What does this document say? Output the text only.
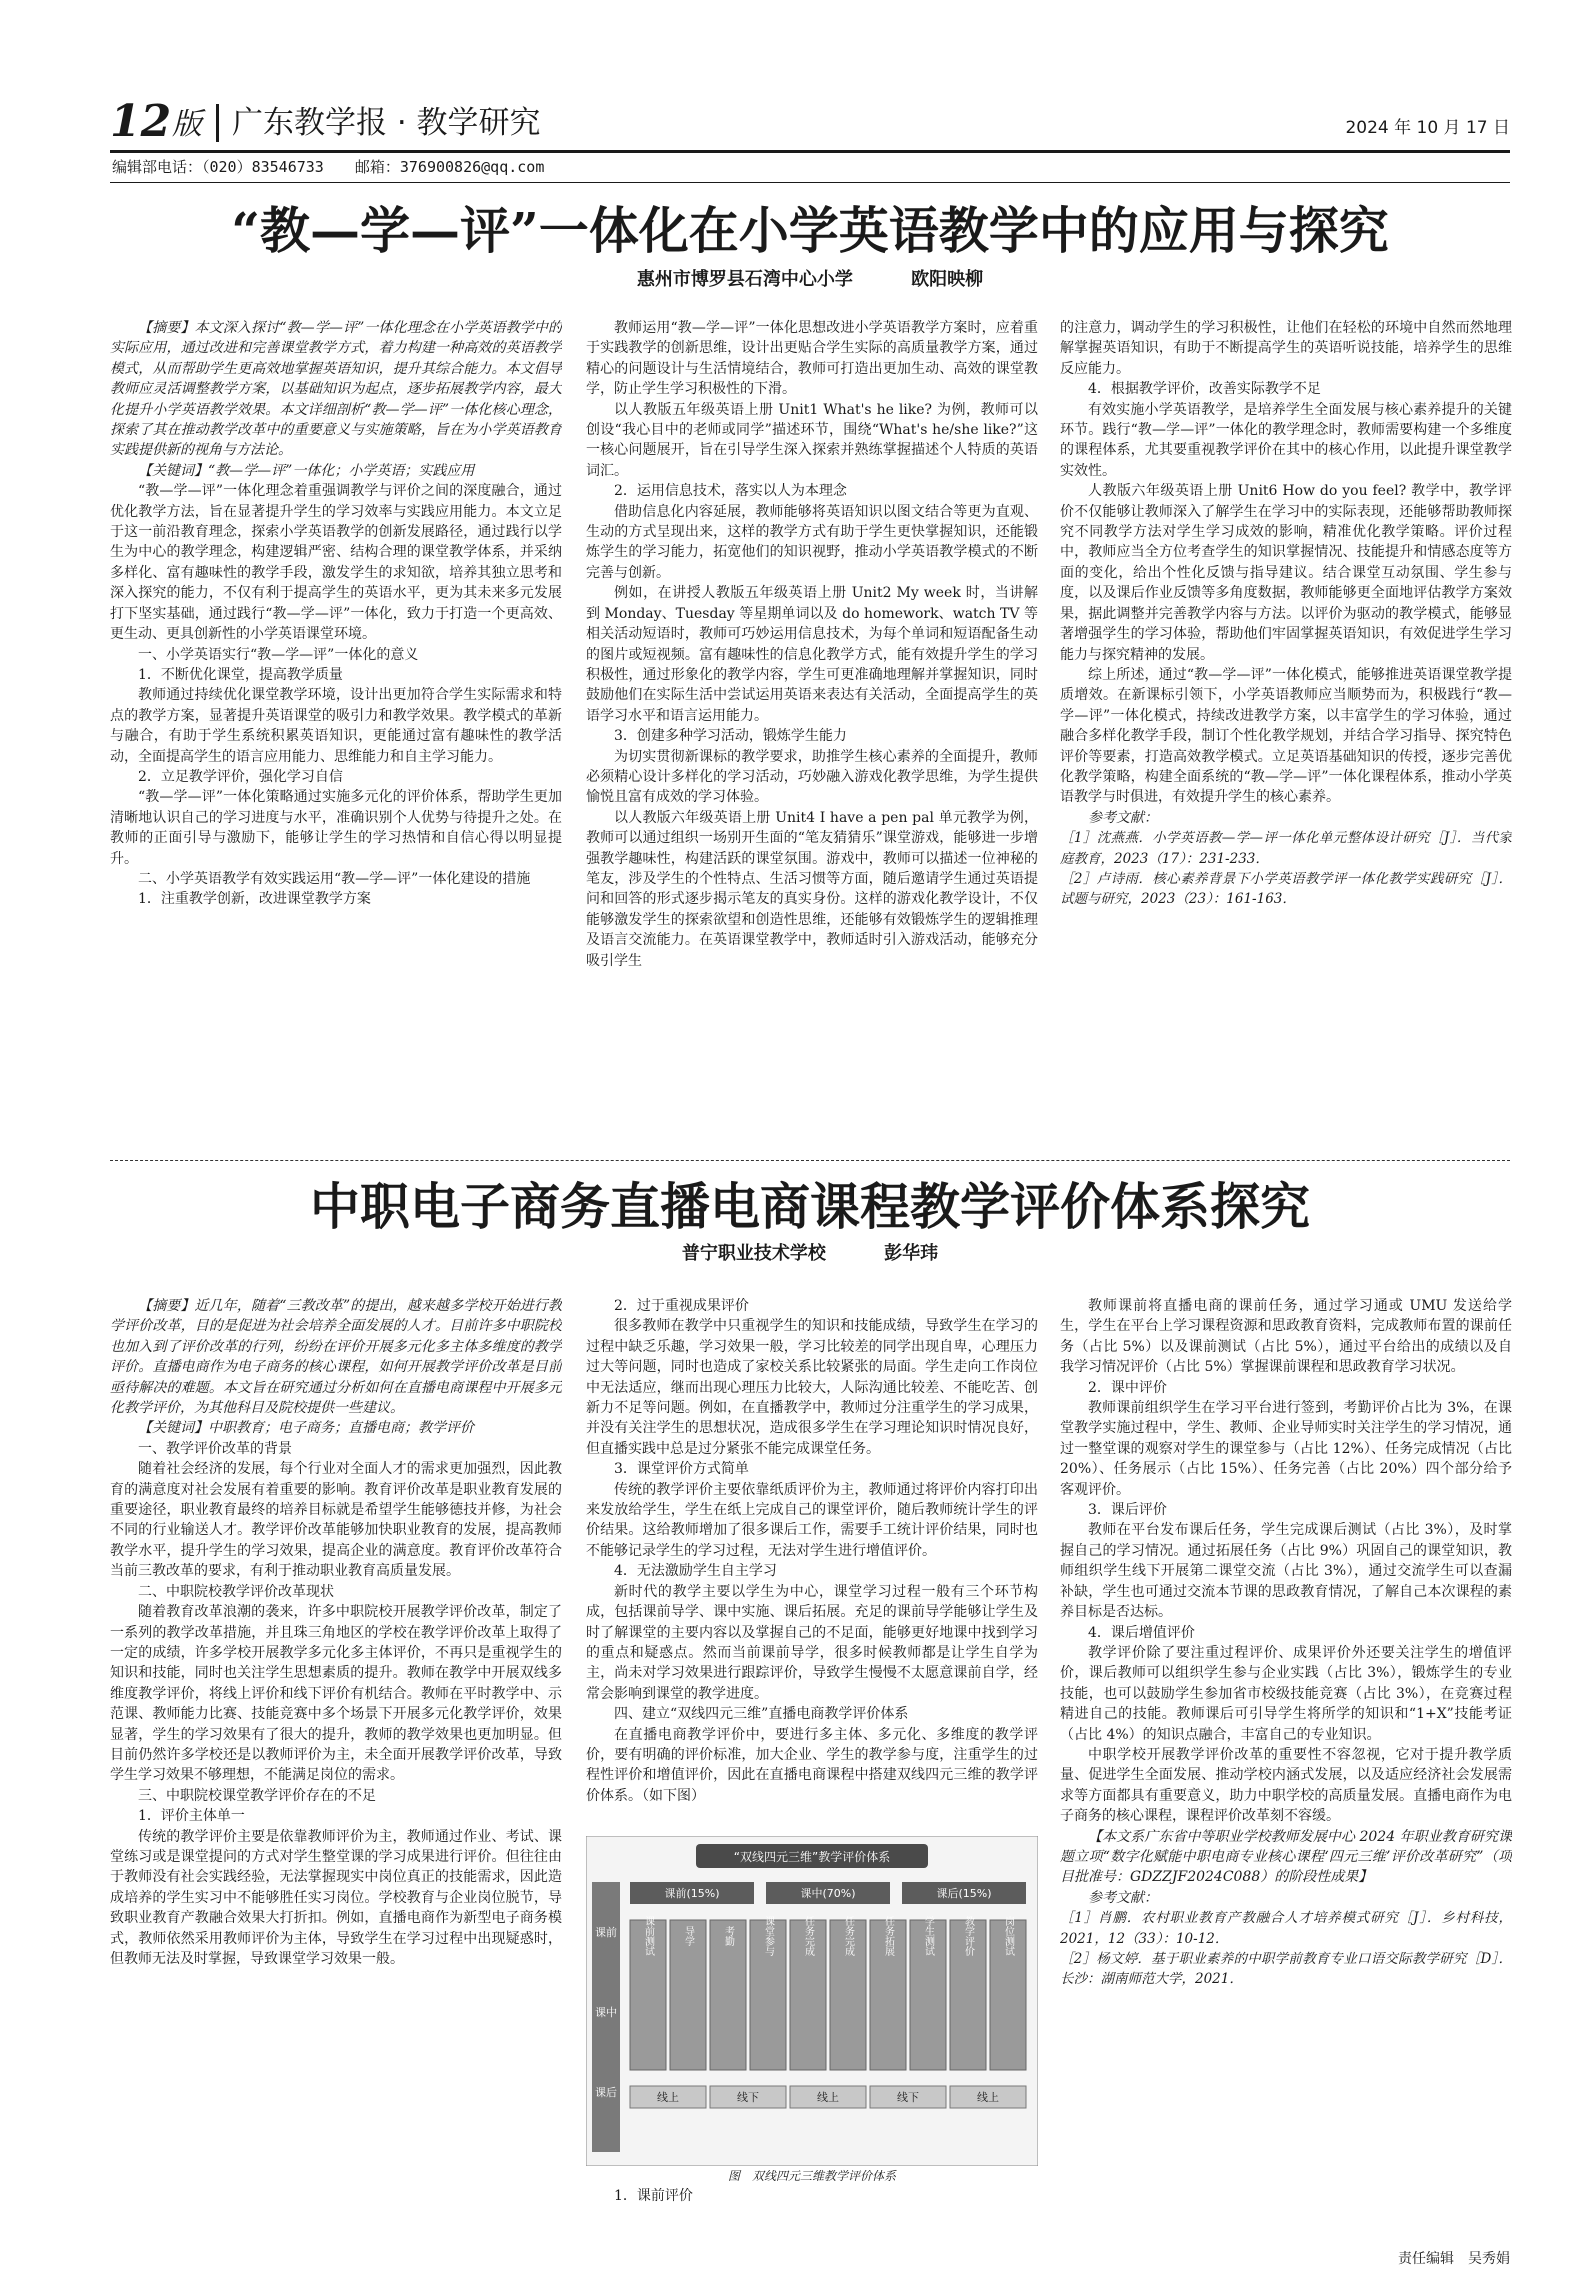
12 版 广东教学报 · 教学研究	2024 年 10 月 17 日
编辑部电话：（020）83546733 邮箱：376900826@qq.com
“教—学—评”一体化在小学英语教学中的应用与探究
惠州市博罗县石湾中心小学	欧阳映柳

【摘要】本文深入探讨“教—学—评”一体化理念在小学英语教学中的实际应用，通过改进和完善课堂教学方式，着力构建一种高效的英语教学模式，从而帮助学生更高效地掌握英语知识，提升其综合能力。本文倡导教师应灵活调整教学方案，以基础知识为起点，逐步拓展教学内容，最大化提升小学英语教学效果。本文详细剖析“教—学—评”一体化核心理念，探索了其在推动教学改革中的重要意义与实施策略，旨在为小学英语教育实践提供新的视角与方法论。

【关键词】“教—学—评”一体化；小学英语；实践应用

“教—学—评”一体化理念着重强调教学与评价之间的深度融合，通过优化教学方法，旨在显著提升学生的学习效率与实践应用能力。本文立足于这一前沿教育理念，探索小学英语教学的创新发展路径，通过践行以学生为中心的教学理念，构建逻辑严密、结构合理的课堂教学体系，并采纳多样化、富有趣味性的教学手段，激发学生的求知欲，培养其独立思考和深入探究的能力，不仅有利于提高学生的英语水平，更为其未来多元发展打下坚实基础，通过践行“教—学—评”一体化，致力于打造一个更高效、更生动、更具创新性的小学英语课堂环境。

一、小学英语实行“教—学—评”一体化的意义

1．不断优化课堂，提高教学质量

教师通过持续优化课堂教学环境，设计出更加符合学生实际需求和特点的教学方案，显著提升英语课堂的吸引力和教学效果。教学模式的革新与融合，有助于学生系统积累英语知识，更能通过富有趣味性的教学活动，全面提高学生的语言应用能力、思维能力和自主学习能力。

2．立足教学评价，强化学习自信

“教—学—评”一体化策略通过实施多元化的评价体系，帮助学生更加清晰地认识自己的学习进度与水平，准确识别个人优势与待提升之处。在教师的正面引导与激励下，能够让学生的学习热情和自信心得以明显提升。

二、小学英语教学有效实践运用“教—学—评”一体化建设的措施

1．注重教学创新，改进课堂教学方案

教师运用“教—学—评”一体化思想改进小学英语教学方案时，应着重于实践教学的创新思维，设计出更贴合学生实际的高质量教学方案，通过精心的问题设计与生活情境结合，教师可打造出更加生动、高效的课堂教学，防止学生学习积极性的下滑。

以人教版五年级英语上册 Unit1 What's he like? 为例，教师可以创设“我心目中的老师或同学”描述环节，围绕“What's he/she like?”这一核心问题展开，旨在引导学生深入探索并熟练掌握描述个人特质的英语词汇。

2．运用信息技术，落实以人为本理念

借助信息化内容延展，教师能够将英语知识以图文结合等更为直观、生动的方式呈现出来，这样的教学方式有助于学生更快掌握知识，还能锻炼学生的学习能力，拓宽他们的知识视野，推动小学英语教学模式的不断完善与创新。

例如，在讲授人教版五年级英语上册 Unit2 My week 时，当讲解到 Monday、Tuesday 等星期单词以及 do homework、watch TV 等相关活动短语时，教师可巧妙运用信息技术，为每个单词和短语配备生动的图片或短视频。富有趣味性的信息化教学方式，能有效提升学生的学习积极性，通过形象化的教学内容，学生可更准确地理解并掌握知识，同时鼓励他们在实际生活中尝试运用英语来表达有关活动，全面提高学生的英语学习水平和语言运用能力。

3．创建多种学习活动，锻炼学生能力

为切实贯彻新课标的教学要求，助推学生核心素养的全面提升，教师必须精心设计多样化的学习活动，巧妙融入游戏化教学思维，为学生提供愉悦且富有成效的学习体验。

以人教版六年级英语上册 Unit4 I have a pen pal 单元教学为例，教师可以通过组织一场别开生面的“笔友猜猜乐”课堂游戏，能够进一步增强教学趣味性，构建活跃的课堂氛围。游戏中，教师可以描述一位神秘的笔友，涉及学生的个性特点、生活习惯等方面，随后邀请学生通过英语提问和回答的形式逐步揭示笔友的真实身份。这样的游戏化教学设计，不仅能够激发学生的探索欲望和创造性思维，还能够有效锻炼学生的逻辑推理及语言交流能力。在英语课堂教学中，教师适时引入游戏活动，能够充分吸引学生

的注意力，调动学生的学习积极性，让他们在轻松的环境中自然而然地理解掌握英语知识，有助于不断提高学生的英语听说技能，培养学生的思维反应能力。

4．根据教学评价，改善实际教学不足

有效实施小学英语教学，是培养学生全面发展与核心素养提升的关键环节。践行“教—学—评”一体化的教学理念时，教师需要构建一个多维度的课程体系，尤其要重视教学评价在其中的核心作用，以此提升课堂教学实效性。

人教版六年级英语上册 Unit6 How do you feel? 教学中，教学评价不仅能够让教师深入了解学生在学习中的实际表现，还能够帮助教师探究不同教学方法对学生学习成效的影响，精准优化教学策略。评价过程中，教师应当全方位考查学生的知识掌握情况、技能提升和情感态度等方面的变化，给出个性化反馈与指导建议。结合课堂互动氛围、学生参与度，以及课后作业反馈等多角度数据，教师能够更全面地评估教学方案效果，据此调整并完善教学内容与方法。以评价为驱动的教学模式，能够显著增强学生的学习体验，帮助他们牢固掌握英语知识，有效促进学生学习能力与探究精神的发展。

综上所述，通过“教—学—评”一体化模式，能够推进英语课堂教学提质增效。在新课标引领下，小学英语教师应当顺势而为，积极践行“教—学—评”一体化模式，持续改进教学方案，以丰富学生的学习体验，通过融合多样化教学手段，制订个性化教学规划，并结合学习指导、探究特色评价等要素，打造高效教学模式。立足英语基础知识的传授，逐步完善优化教学策略，构建全面系统的“教—学—评”一体化课程体系，推动小学英语教学与时俱进，有效提升学生的核心素养。

参考文献：

［1］沈燕燕．小学英语教—学—评一体化单元整体设计研究［J］．当代家庭教育，2023（17）：231-233．

［2］卢诗雨．核心素养背景下小学英语教学评一体化教学实践研究［J］．试题与研究，2023（23）：161-163．

中职电子商务直播电商课程教学评价体系探究
普宁职业技术学校	彭华玮

【摘要】近几年，随着“三教改革”的提出，越来越多学校开始进行教学评价改革，目的是促进为社会培养全面发展的人才。目前许多中职院校也加入到了评价改革的行列，纷纷在评价开展多元化多主体多维度的教学评价。直播电商作为电子商务的核心课程，如何开展教学评价改革是目前亟待解决的难题。本文旨在研究通过分析如何在直播电商课程中开展多元化教学评价，为其他科目及院校提供一些建议。

【关键词】中职教育；电子商务；直播电商；教学评价

一、教学评价改革的背景

随着社会经济的发展，每个行业对全面人才的需求更加强烈，因此教育的满意度对社会发展有着重要的影响。教育评价改革是职业教育发展的重要途径，职业教育最终的培养目标就是希望学生能够德技并修，为社会不同的行业输送人才。教学评价改革能够加快职业教育的发展，提高教师教学水平，提升学生的学习效果，提高企业的满意度。教育评价改革符合当前三教改革的要求，有利于推动职业教育高质量发展。

二、中职院校教学评价改革现状

随着教育改革浪潮的袭来，许多中职院校开展教学评价改革，制定了一系列的教学改革措施，并且珠三角地区的学校在教学评价改革上取得了一定的成绩，许多学校开展教学多元化多主体评价，不再只是重视学生的知识和技能，同时也关注学生思想素质的提升。教师在教学中开展双线多维度教学评价，将线上评价和线下评价有机结合。教师在平时教学中、示范课、教师能力比赛、技能竞赛中多个场景下开展多元化教学评价，效果显著，学生的学习效果有了很大的提升，教师的教学效果也更加明显。但目前仍然许多学校还是以教师评价为主，未全面开展教学评价改革，导致学生学习效果不够理想，不能满足岗位的需求。

三、中职院校课堂教学评价存在的不足

1．评价主体单一

传统的教学评价主要是依靠教师评价为主，教师通过作业、考试、课堂练习或是课堂提问的方式对学生整堂课的学习成果进行评价。但往往由于教师没有社会实践经验，无法掌握现实中岗位真正的技能需求，因此造成培养的学生实习中不能够胜任实习岗位。学校教育与企业岗位脱节，导致职业教育产教融合效果大打折扣。例如，直播电商作为新型电子商务模式，教师依然采用教师评价为主体，导致学生在学习过程中出现疑惑时，但教师无法及时掌握，导致课堂学习效果一般。

2．过于重视成果评价

很多教师在教学中只重视学生的知识和技能成绩，导致学生在学习的过程中缺乏乐趣，学习效果一般，学习比较差的同学出现自卑，心理压力过大等问题，同时也造成了家校关系比较紧张的局面。学生走向工作岗位中无法适应，继而出现心理压力比较大，人际沟通比较差、不能吃苦、创新力不足等问题。例如，在直播教学中，教师过分注重学生的学习成果，并没有关注学生的思想状况，造成很多学生在学习理论知识时情况良好，但直播实践中总是过分紧张不能完成课堂任务。

3．课堂评价方式简单

传统的教学评价主要依靠纸质评价为主，教师通过将评价内容打印出来发放给学生，学生在纸上完成自己的课堂评价，随后教师统计学生的评价结果。这给教师增加了很多课后工作，需要手工统计评价结果，同时也不能够记录学生的学习过程，无法对学生进行增值评价。

4．无法激励学生自主学习

新时代的教学主要以学生为中心，课堂学习过程一般有三个环节构成，包括课前导学、课中实施、课后拓展。充足的课前导学能够让学生及时了解课堂的主要内容以及掌握自己的不足面，能够更好地课中找到学习的重点和疑惑点。然而当前课前导学，很多时候教师都是让学生自学为主，尚未对学习效果进行跟踪评价，导致学生慢慢不太愿意课前自学，经常会影响到课堂的教学进度。

四、建立“双线四元三维”直播电商教学评价体系

在直播电商教学评价中，要进行多主体、多元化、多维度的教学评价，要有明确的评价标准，加大企业、学生的教学参与度，注重学生的过程性评价和增值评价，因此在直播电商课程中搭建双线四元三维的教学评价体系。（如下图）

“双线四元三维”教学评价体系
课前
课中
课后
课前(15%)	课中(70%)	课后(15%)
课前测试	导学	考勤	课堂参与	任务完成	任务完成	任务拓展	学生测试	教学评价	岗位测试
线上	线下	线上	线下	线上
图　双线四元三维教学评价体系
1．课前评价

教师课前将直播电商的课前任务，通过学习通或 UMU 发送给学生，学生在平台上学习课程资源和思政教育资料，完成教师布置的课前任务（占比 5%）以及课前测试（占比 5%），通过平台给出的成绩以及自我学习情况评价（占比 5%）掌握课前课程和思政教育学习状况。

2．课中评价

教师课前组织学生在学习平台进行签到，考勤评价占比为 3%，在课堂教学实施过程中，学生、教师、企业导师实时关注学生的学习情况，通过一整堂课的观察对学生的课堂参与（占比 12%）、任务完成情况（占比 20%）、任务展示（占比 15%）、任务完善（占比 20%）四个部分给予客观评价。

3．课后评价

教师在平台发布课后任务，学生完成课后测试（占比 3%），及时掌握自己的学习情况。通过拓展任务（占比 9%）巩固自己的课堂知识，教师组织学生线下开展第二课堂交流（占比 3%），通过交流学生可以查漏补缺，学生也可通过交流本节课的思政教育情况，了解自己本次课程的素养目标是否达标。

4．课后增值评价

教学评价除了要注重过程评价、成果评价外还要关注学生的增值评价，课后教师可以组织学生参与企业实践（占比 3%），锻炼学生的专业技能，也可以鼓励学生参加省市校级技能竞赛（占比 3%），在竞赛过程精进自己的技能。教师课后可引导学生将所学的知识和“1+X”技能考证（占比 4%）的知识点融合，丰富自己的专业知识。

中职学校开展教学评价改革的重要性不容忽视，它对于提升教学质量、促进学生全面发展、推动学校内涵式发展，以及适应经济社会发展需求等方面都具有重要意义，助力中职学校的高质量发展。直播电商作为电子商务的核心课程，课程评价改革刻不容缓。

【本文系广东省中等职业学校教师发展中心 2024 年职业教育研究课题立项“数字化赋能中职电商专业核心课程‘四元三维’评价改革研究”（项目批准号：GDZZJF2024C088）的阶段性成果】

参考文献：

［1］肖鹏．农村职业教育产教融合人才培养模式研究［J］．乡村科技，2021，12（33）：10-12．

［2］杨文婷．基于职业素养的中职学前教育专业口语交际教学研究［D］．长沙：湖南师范大学，2021．

责任编辑　吴秀娟
